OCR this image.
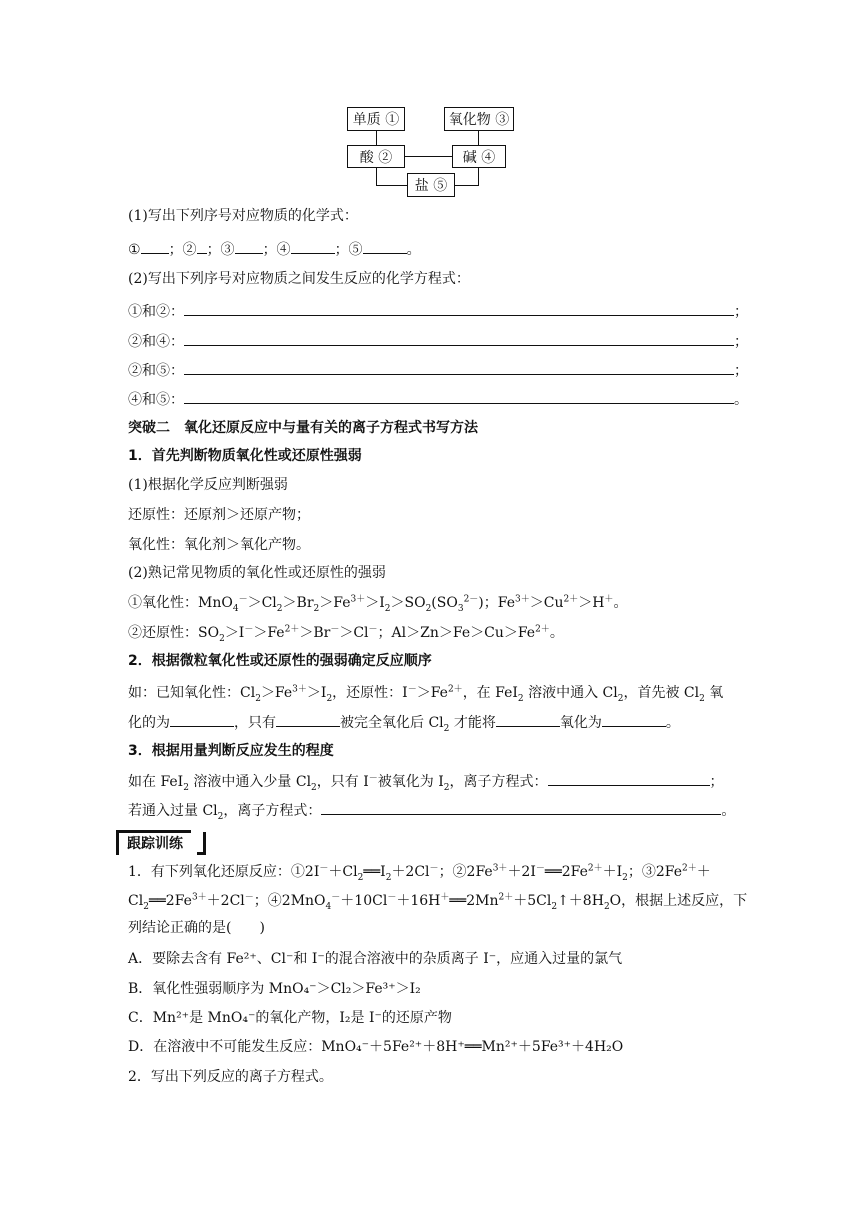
单质 ①	氧化物 ③
酸 ②	碱 ④
盐 ⑤
(1)写出下列序号对应物质的化学式：
① ；② ；③ ；④	；⑤	。
(2)写出下列序号对应物质之间发生反应的化学方程式：
①和②：	；
②和④：	；
②和⑤：	；
④和⑤：	。
突破二　氧化还原反应中与量有关的离子方程式书写方法
1．首先判断物质氧化性或还原性强弱
(1)根据化学反应判断强弱
还原性：还原剂＞还原产物；
氧化性：氧化剂＞氧化产物。
(2)熟记常见物质的氧化性或还原性的强弱
①氧化性：$MnO_4^->Cl_2>Br_2>Fe^{3+}>I_2>SO_2(SO_3^{2-})$；$Fe^{3+}>Cu^{2+}>H^+$。
②还原性：$SO_2>I^->Fe^{2+}>Br^->Cl^-$；$Al>Zn>Fe>Cu>Fe^{2+}$。
2．根据微粒氧化性或还原性的强弱确定反应顺序
如：已知氧化性：$Cl_2>Fe^{3+}>I_2$，还原性：$I^->Fe^{2+}$，在 FeI$_2$ 溶液中通入 $Cl_2$，首先被 $Cl_2$ 氧
化的为	，只有	被完全氧化后 $Cl_2$ 才能将	氧化为	。
3．根据用量判断反应发生的程度
如在 FeI$_2$ 溶液中通入少量 $Cl_2$，只有 I－被氧化为 $I_2$，离子方程式：	；
若通入过量 $Cl_2$，离子方程式：	。
跟踪训练
1．有下列氧化还原反应：$①2I^-+Cl_2══I_2+2Cl^-$；$②2Fe^{3+}+2I^-══2Fe^{2+}+I_2$；$③2Fe^{2+}+$
$Cl_2══2Fe^{3+}+2Cl^-$；$④2MnO_4^-+10Cl^-+16H^+══2Mn^{2+}+5Cl_2↑+8H_2O$，根据上述反应，下
列结论正确的是(　　)
A．要除去含有 Fe²⁺、Cl⁻和 I⁻的混合溶液中的杂质离子 I⁻，应通入过量的氯气
B．氧化性强弱顺序为 MnO₄⁻＞Cl₂＞Fe³⁺＞I₂
C．Mn²⁺是 MnO₄⁻的氧化产物，I₂是 I⁻的还原产物
D．在溶液中不可能发生反应：MnO₄⁻＋5Fe²⁺＋8H⁺══Mn²⁺＋5Fe³⁺＋4H₂O
2．写出下列反应的离子方程式。
